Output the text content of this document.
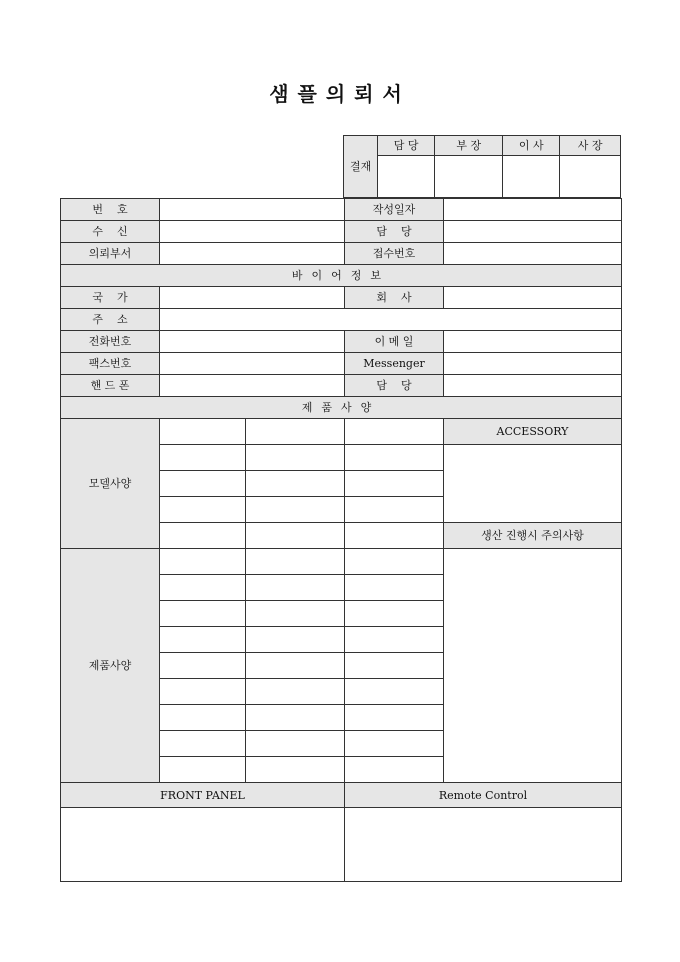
샘플의뢰서
결재	담 당	부 장	이 사	사 장

번    호			작성일자	
수    신			담    당	
의뢰부서			접수번호	
바이어정보				
국    가			회    사	
주    소				
전화번호			이 메 일	
팩스번호			Messenger	
핸 드 폰			담    당	
제품사양				
모델사양				ACCESSORY

				생산 진행시 주의사항
제품사양				

FRONT PANEL			Remote Control	
